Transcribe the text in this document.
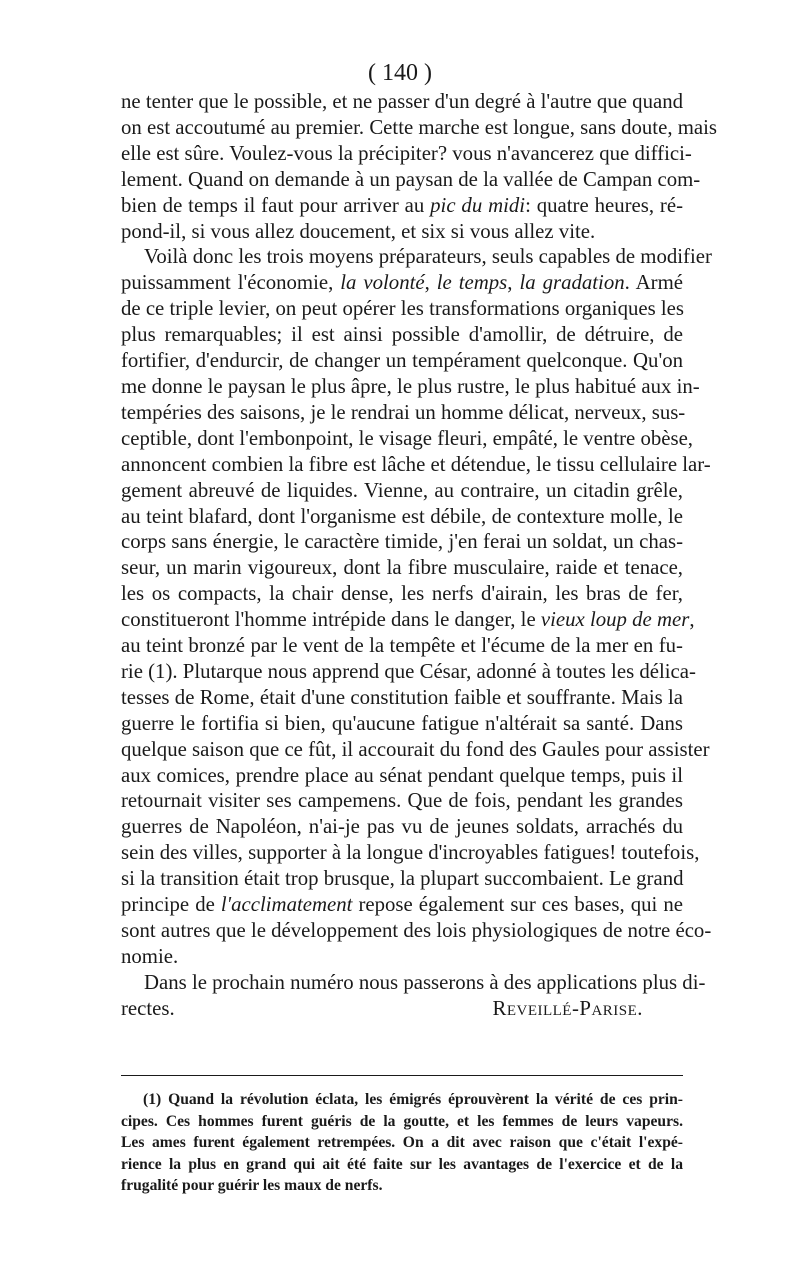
( 140 )
ne tenter que le possible, et ne passer d'un degré à l'autre que quand
on est accoutumé au premier. Cette marche est longue, sans doute, mais
elle est sûre. Voulez-vous la précipiter? vous n'avancerez que diffici-
lement. Quand on demande à un paysan de la vallée de Campan com-
bien de temps il faut pour arriver au pic du midi: quatre heures, ré-
pond-il, si vous allez doucement, et six si vous allez vite.
Voilà donc les trois moyens préparateurs, seuls capables de modifier
puissamment l'économie, la volonté, le temps, la gradation. Armé
de ce triple levier, on peut opérer les transformations organiques les
plus remarquables; il est ainsi possible d'amollir, de détruire, de
fortifier, d'endurcir, de changer un tempérament quelconque. Qu'on
me donne le paysan le plus âpre, le plus rustre, le plus habitué aux in-
tempéries des saisons, je le rendrai un homme délicat, nerveux, sus-
ceptible, dont l'embonpoint, le visage fleuri, empâté, le ventre obèse,
annoncent combien la fibre est lâche et détendue, le tissu cellulaire lar-
gement abreuvé de liquides. Vienne, au contraire, un citadin grêle,
au teint blafard, dont l'organisme est débile, de contexture molle, le
corps sans énergie, le caractère timide, j'en ferai un soldat, un chas-
seur, un marin vigoureux, dont la fibre musculaire, raide et tenace,
les os compacts, la chair dense, les nerfs d'airain, les bras de fer,
constitueront l'homme intrépide dans le danger, le vieux loup de mer,
au teint bronzé par le vent de la tempête et l'écume de la mer en fu-
rie (1). Plutarque nous apprend que César, adonné à toutes les délica-
tesses de Rome, était d'une constitution faible et souffrante. Mais la
guerre le fortifia si bien, qu'aucune fatigue n'altérait sa santé. Dans
quelque saison que ce fût, il accourait du fond des Gaules pour assister
aux comices, prendre place au sénat pendant quelque temps, puis il
retournait visiter ses campemens. Que de fois, pendant les grandes
guerres de Napoléon, n'ai-je pas vu de jeunes soldats, arrachés du
sein des villes, supporter à la longue d'incroyables fatigues! toutefois,
si la transition était trop brusque, la plupart succombaient. Le grand
principe de l'acclimatement repose également sur ces bases, qui ne
sont autres que le développement des lois physiologiques de notre éco-
nomie.
Dans le prochain numéro nous passerons à des applications plus di-
rectes.	Reveillé-Parise.
(1) Quand la révolution éclata, les émigrés éprouvèrent la vérité de ces prin-
cipes. Ces hommes furent guéris de la goutte, et les femmes de leurs vapeurs.
Les ames furent également retrempées. On a dit avec raison que c'était l'expé-
rience la plus en grand qui ait été faite sur les avantages de l'exercice et de la
frugalité pour guérir les maux de nerfs.
